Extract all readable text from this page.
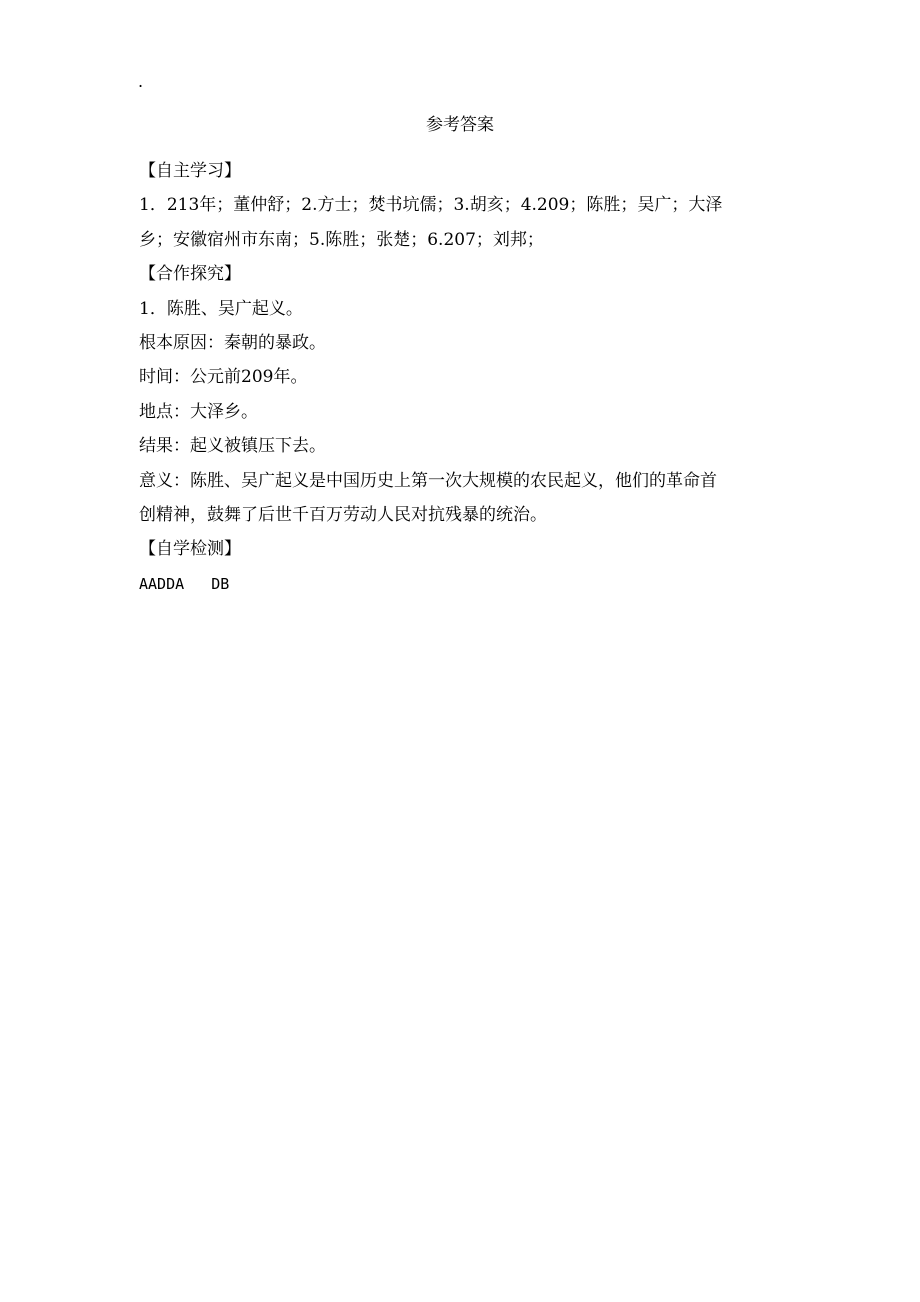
.
参考答案
【自主学习】
1．213年；董仲舒；2.方士；焚书坑儒；3.胡亥；4.209；陈胜；吴广；大泽
乡；安徽宿州市东南；5.陈胜；张楚；6.207；刘邦；
【合作探究】
1．陈胜、吴广起义。
根本原因：秦朝的暴政。
时间：公元前209年。
地点：大泽乡。
结果：起义被镇压下去。
意义：陈胜、吴广起义是中国历史上第一次大规模的农民起义，他们的革命首
创精神，鼓舞了后世千百万劳动人民对抗残暴的统治。
【自学检测】
AADDA   DB
